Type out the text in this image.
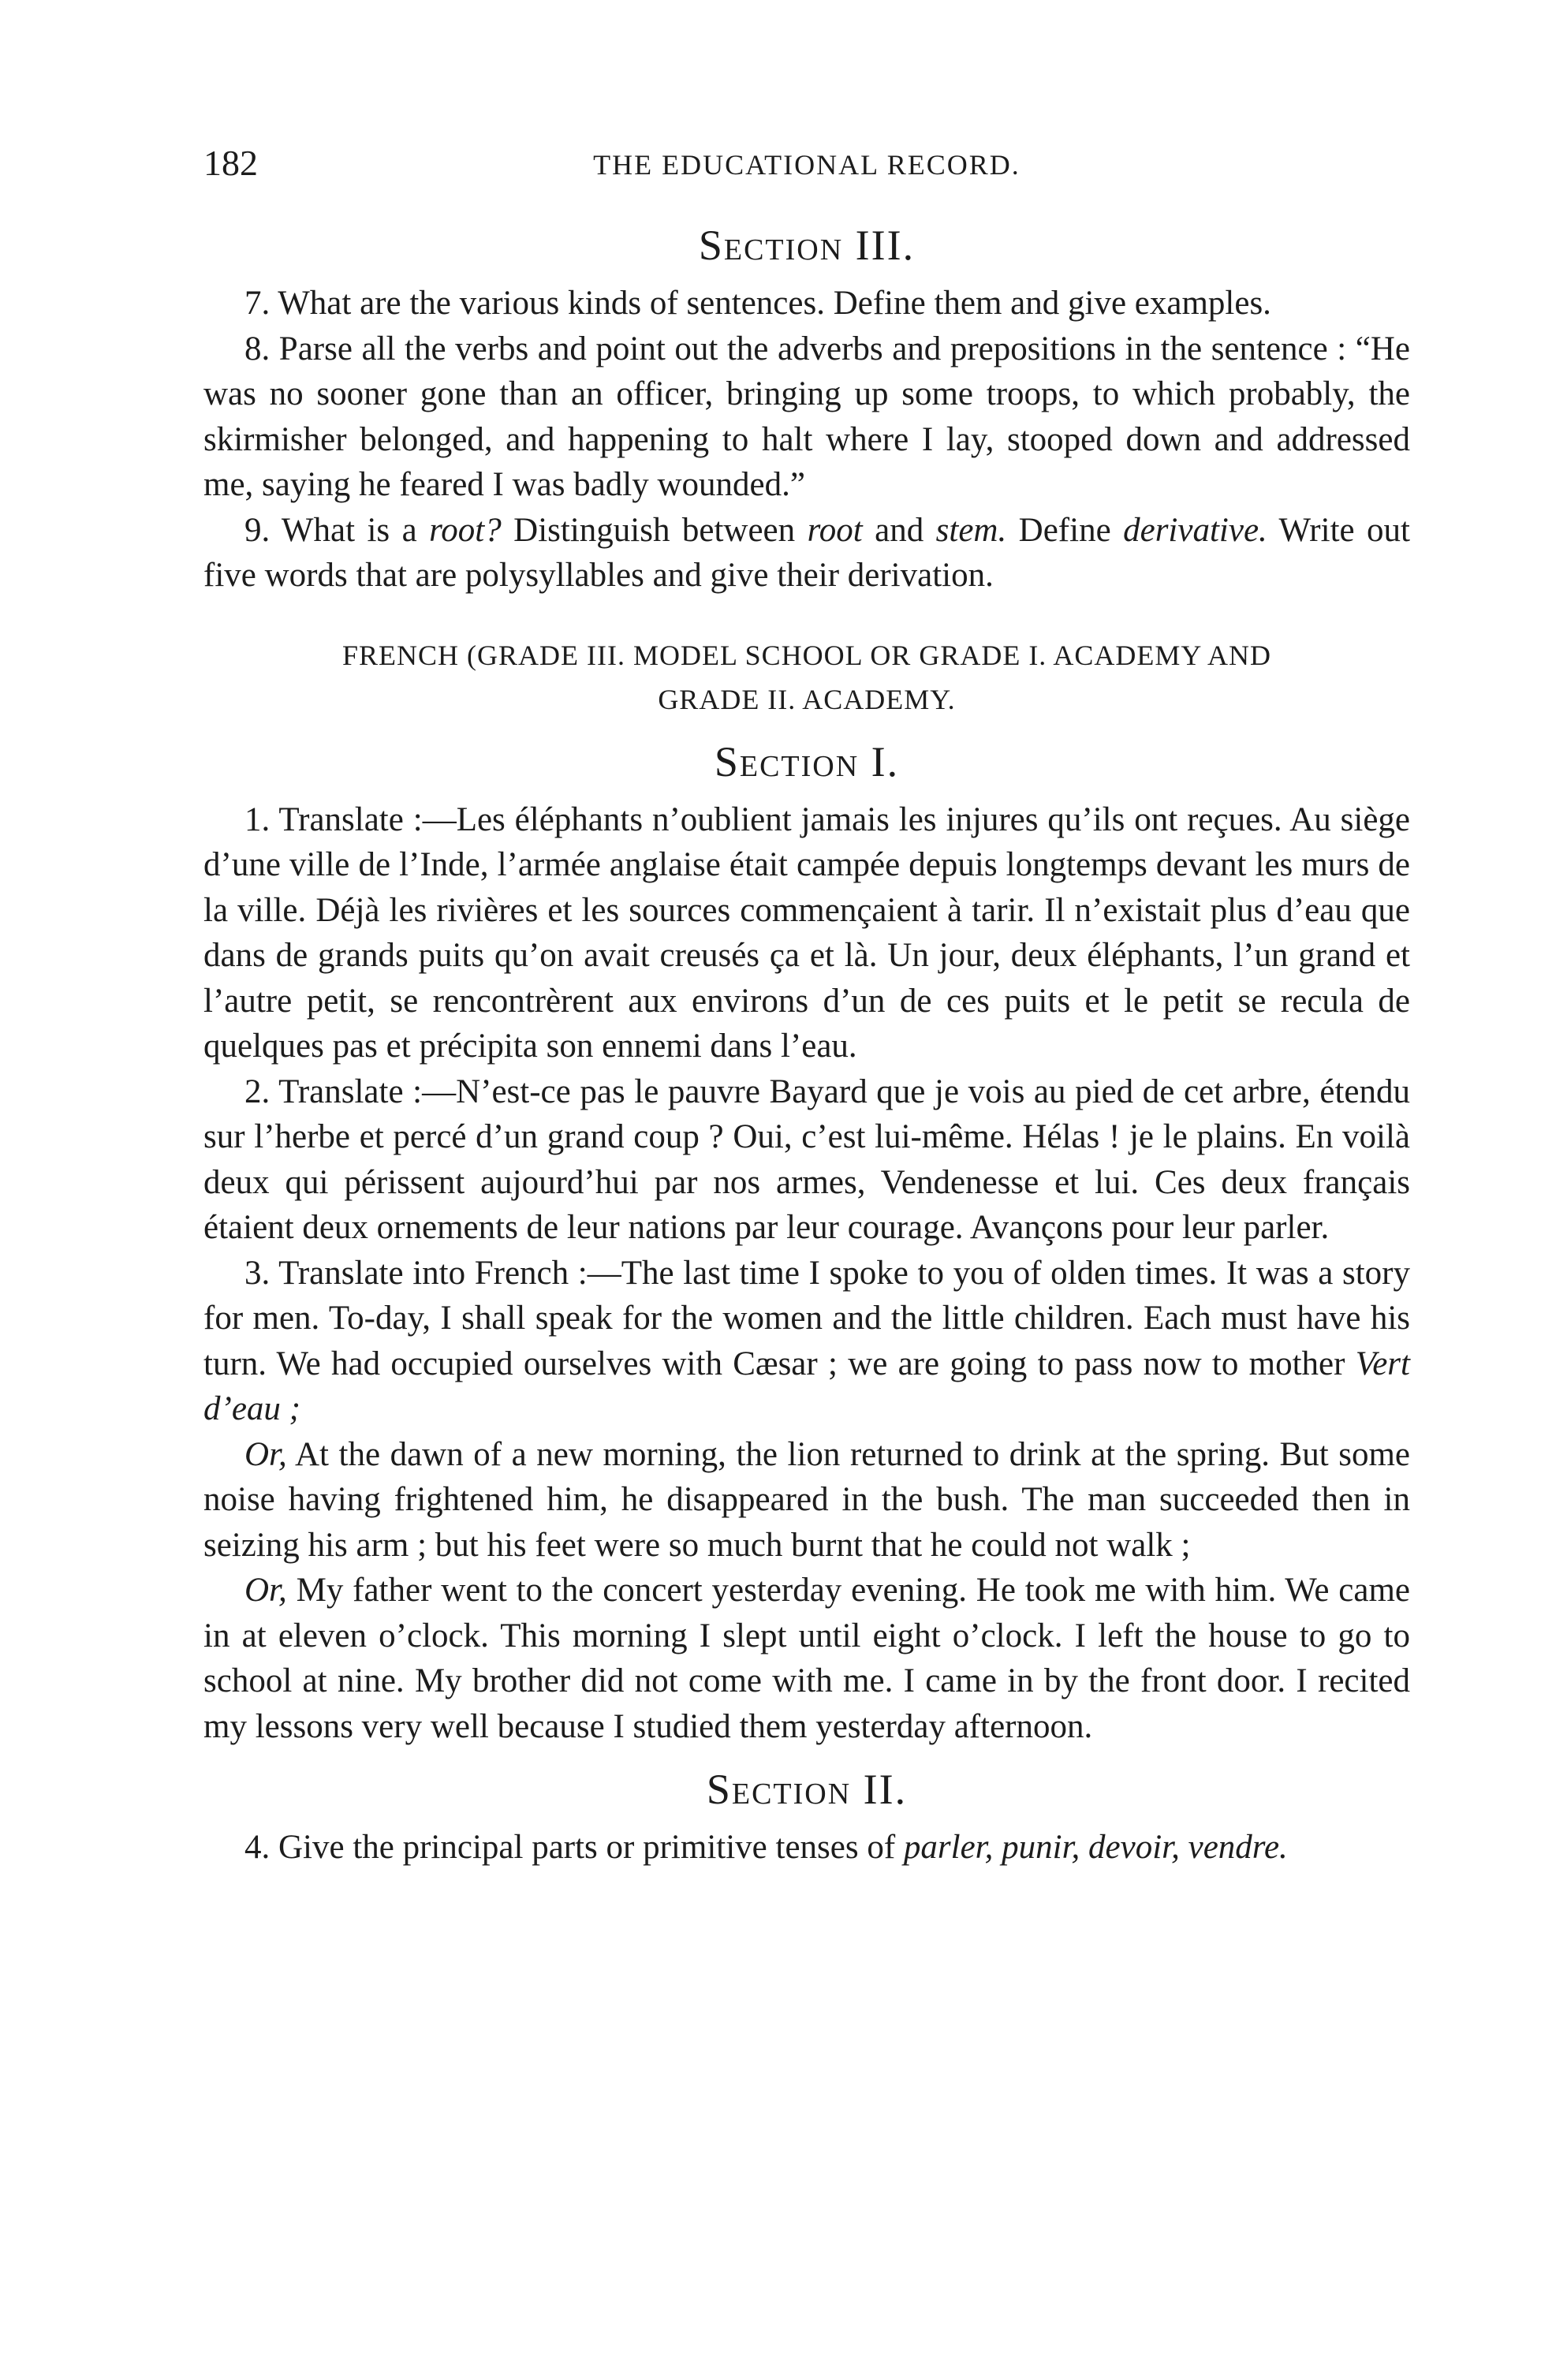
182	THE EDUCATIONAL RECORD.
Section III.

7. What are the various kinds of sentences. Define them and give examples.

8. Parse all the verbs and point out the adverbs and prepositions in the sentence : “He was no sooner gone than an officer, bringing up some troops, to which probably, the skirmisher belonged, and happening to halt where I lay, stooped down and addressed me, saying he feared I was badly wounded.”

9. What is a root? Distinguish between root and stem. Define derivative. Write out five words that are polysyllables and give their derivation.

FRENCH (GRADE III. MODEL SCHOOL OR GRADE I. ACADEMY AND
GRADE II. ACADEMY.
Section I.

1. Translate :—Les éléphants n’oublient jamais les injures qu’ils ont reçues. Au siège d’une ville de l’Inde, l’armée anglaise était campée depuis longtemps devant les murs de la ville. Déjà les rivières et les sources commençaient à tarir. Il n’existait plus d’eau que dans de grands puits qu’on avait creusés ça et là. Un jour, deux éléphants, l’un grand et l’autre petit, se rencontrèrent aux environs d’un de ces puits et le petit se recula de quelques pas et précipita son ennemi dans l’eau.

2. Translate :—N’est-ce pas le pauvre Bayard que je vois au pied de cet arbre, étendu sur l’herbe et percé d’un grand coup ? Oui, c’est lui-même. Hélas ! je le plains. En voilà deux qui périssent aujourd’hui par nos armes, Vendenesse et lui. Ces deux français étaient deux ornements de leur nations par leur courage. Avançons pour leur parler.

3. Translate into French :—The last time I spoke to you of olden times. It was a story for men. To-day, I shall speak for the women and the little children. Each must have his turn. We had occupied ourselves with Cæsar ; we are going to pass now to mother Vert d’eau ;

Or, At the dawn of a new morning, the lion returned to drink at the spring. But some noise having frightened him, he disappeared in the bush. The man succeeded then in seizing his arm ; but his feet were so much burnt that he could not walk ;

Or, My father went to the concert yesterday evening. He took me with him. We came in at eleven o’clock. This morning I slept until eight o’clock. I left the house to go to school at nine. My brother did not come with me. I came in by the front door. I recited my lessons very well because I studied them yesterday afternoon.

Section II.

4. Give the principal parts or primitive tenses of parler, punir, devoir, vendre.
